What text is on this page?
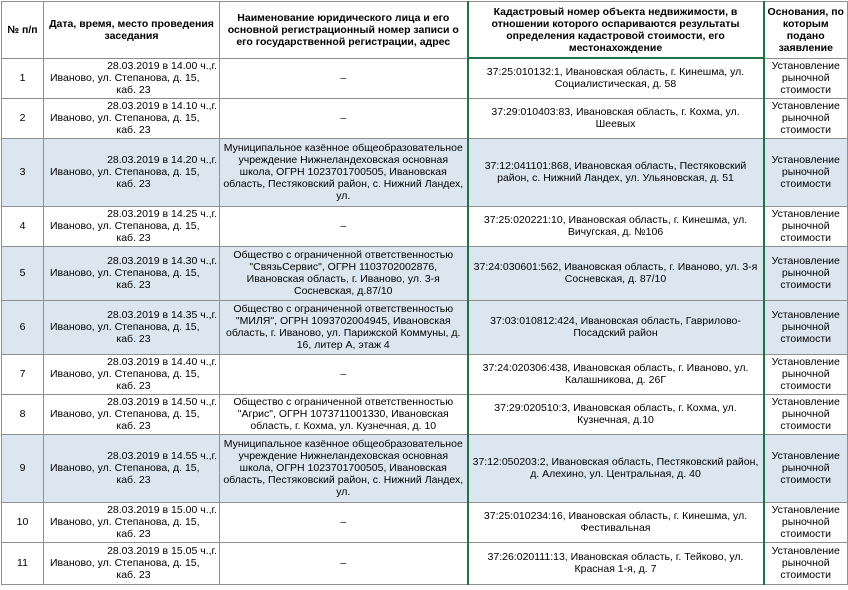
№ п/п	Дата, время, место проведения заседания	Наименование юридического лица и его основной регистрационный номер записи о его государственной регистрации, адрес	Кадастровый номер объекта недвижимости, в отношении которого оспариваются результаты определения кадастровой стоимости, его местонахождение	Основания, по которым подано заявление
1	28.03.2019 в 14.00 ч., г.
Иваново, ул. Степанова, д. 15,
каб. 23	–	37:25:010132:1, Ивановская область, г. Кинешма, ул. Социалистическая, д. 58	Установление рыночной стоимости
2	28.03.2019 в 14.10 ч., г.
Иваново, ул. Степанова, д. 15,
каб. 23	–	37:29:010403:83, Ивановская область, г. Кохма, ул. Шеевых	Установление рыночной стоимости
3	28.03.2019 в 14.20 ч., г.
Иваново, ул. Степанова, д. 15,
каб. 23	Муниципальное казённое общеобразовательное учреждение Нижнеландеховская основная школа, ОГРН 1023701700505, Ивановская область, Пестяковский район, с. Нижний Ландех, ул.	37:12:041101:868, Ивановская область, Пестяковский район, с. Нижний Ландех, ул. Ульяновская, д. 51	Установление рыночной стоимости
4	28.03.2019 в 14.25 ч., г.
Иваново, ул. Степанова, д. 15,
каб. 23	–	37:25:020221:10, Ивановская область, г. Кинешма, ул. Вичугская, д. №106	Установление рыночной стоимости
5	28.03.2019 в 14.30 ч., г.
Иваново, ул. Степанова, д. 15,
каб. 23	Общество с ограниченной ответственностью "СвязьСервис", ОГРН 1103702002876, Ивановская область, г. Иваново, ул. 3-я Сосневская, д.87/10	37:24:030601:562, Ивановская область, г. Иваново, ул. 3-я Сосневская, д. 87/10	Установление рыночной стоимости
6	28.03.2019 в 14.35 ч., г.
Иваново, ул. Степанова, д. 15,
каб. 23	Общество с ограниченной ответственностью "МИЛЯ", ОГРН 1093702004945, Ивановская область, г. Иваново, ул. Парижской Коммуны, д. 16, литер А, этаж 4	37:03:010812:424, Ивановская область, Гаврилово-Посадский район	Установление рыночной стоимости
7	28.03.2019 в 14.40 ч., г.
Иваново, ул. Степанова, д. 15,
каб. 23	–	37:24:020306:438, Ивановская область, г. Иваново, ул. Калашникова, д. 26Г	Установление рыночной стоимости
8	28.03.2019 в 14.50 ч., г.
Иваново, ул. Степанова, д. 15,
каб. 23	Общество с ограниченной ответственностью "Агрис", ОГРН 1073711001330, Ивановская область, г. Кохма, ул. Кузнечная, д. 10	37:29:020510:3, Ивановская область, г. Кохма, ул. Кузнечная, д.10	Установление рыночной стоимости
9	28.03.2019 в 14.55 ч., г.
Иваново, ул. Степанова, д. 15,
каб. 23	Муниципальное казённое общеобразовательное учреждение Нижнеландеховская основная школа, ОГРН 1023701700505, Ивановская область, Пестяковский район, с. Нижний Ландех, ул.	37:12:050203:2, Ивановская область, Пестяковский район, д. Алехино, ул. Центральная, д. 40	Установление рыночной стоимости
10	28.03.2019 в 15.00 ч., г.
Иваново, ул. Степанова, д. 15,
каб. 23	–	37:25:010234:16, Ивановская область, г. Кинешма, ул. Фестивальная	Установление рыночной стоимости
11	28.03.2019 в 15.05 ч., г.
Иваново, ул. Степанова, д. 15,
каб. 23	–	37:26:020111:13, Ивановская область, г. Тейково, ул. Красная 1-я, д. 7	Установление рыночной стоимости
